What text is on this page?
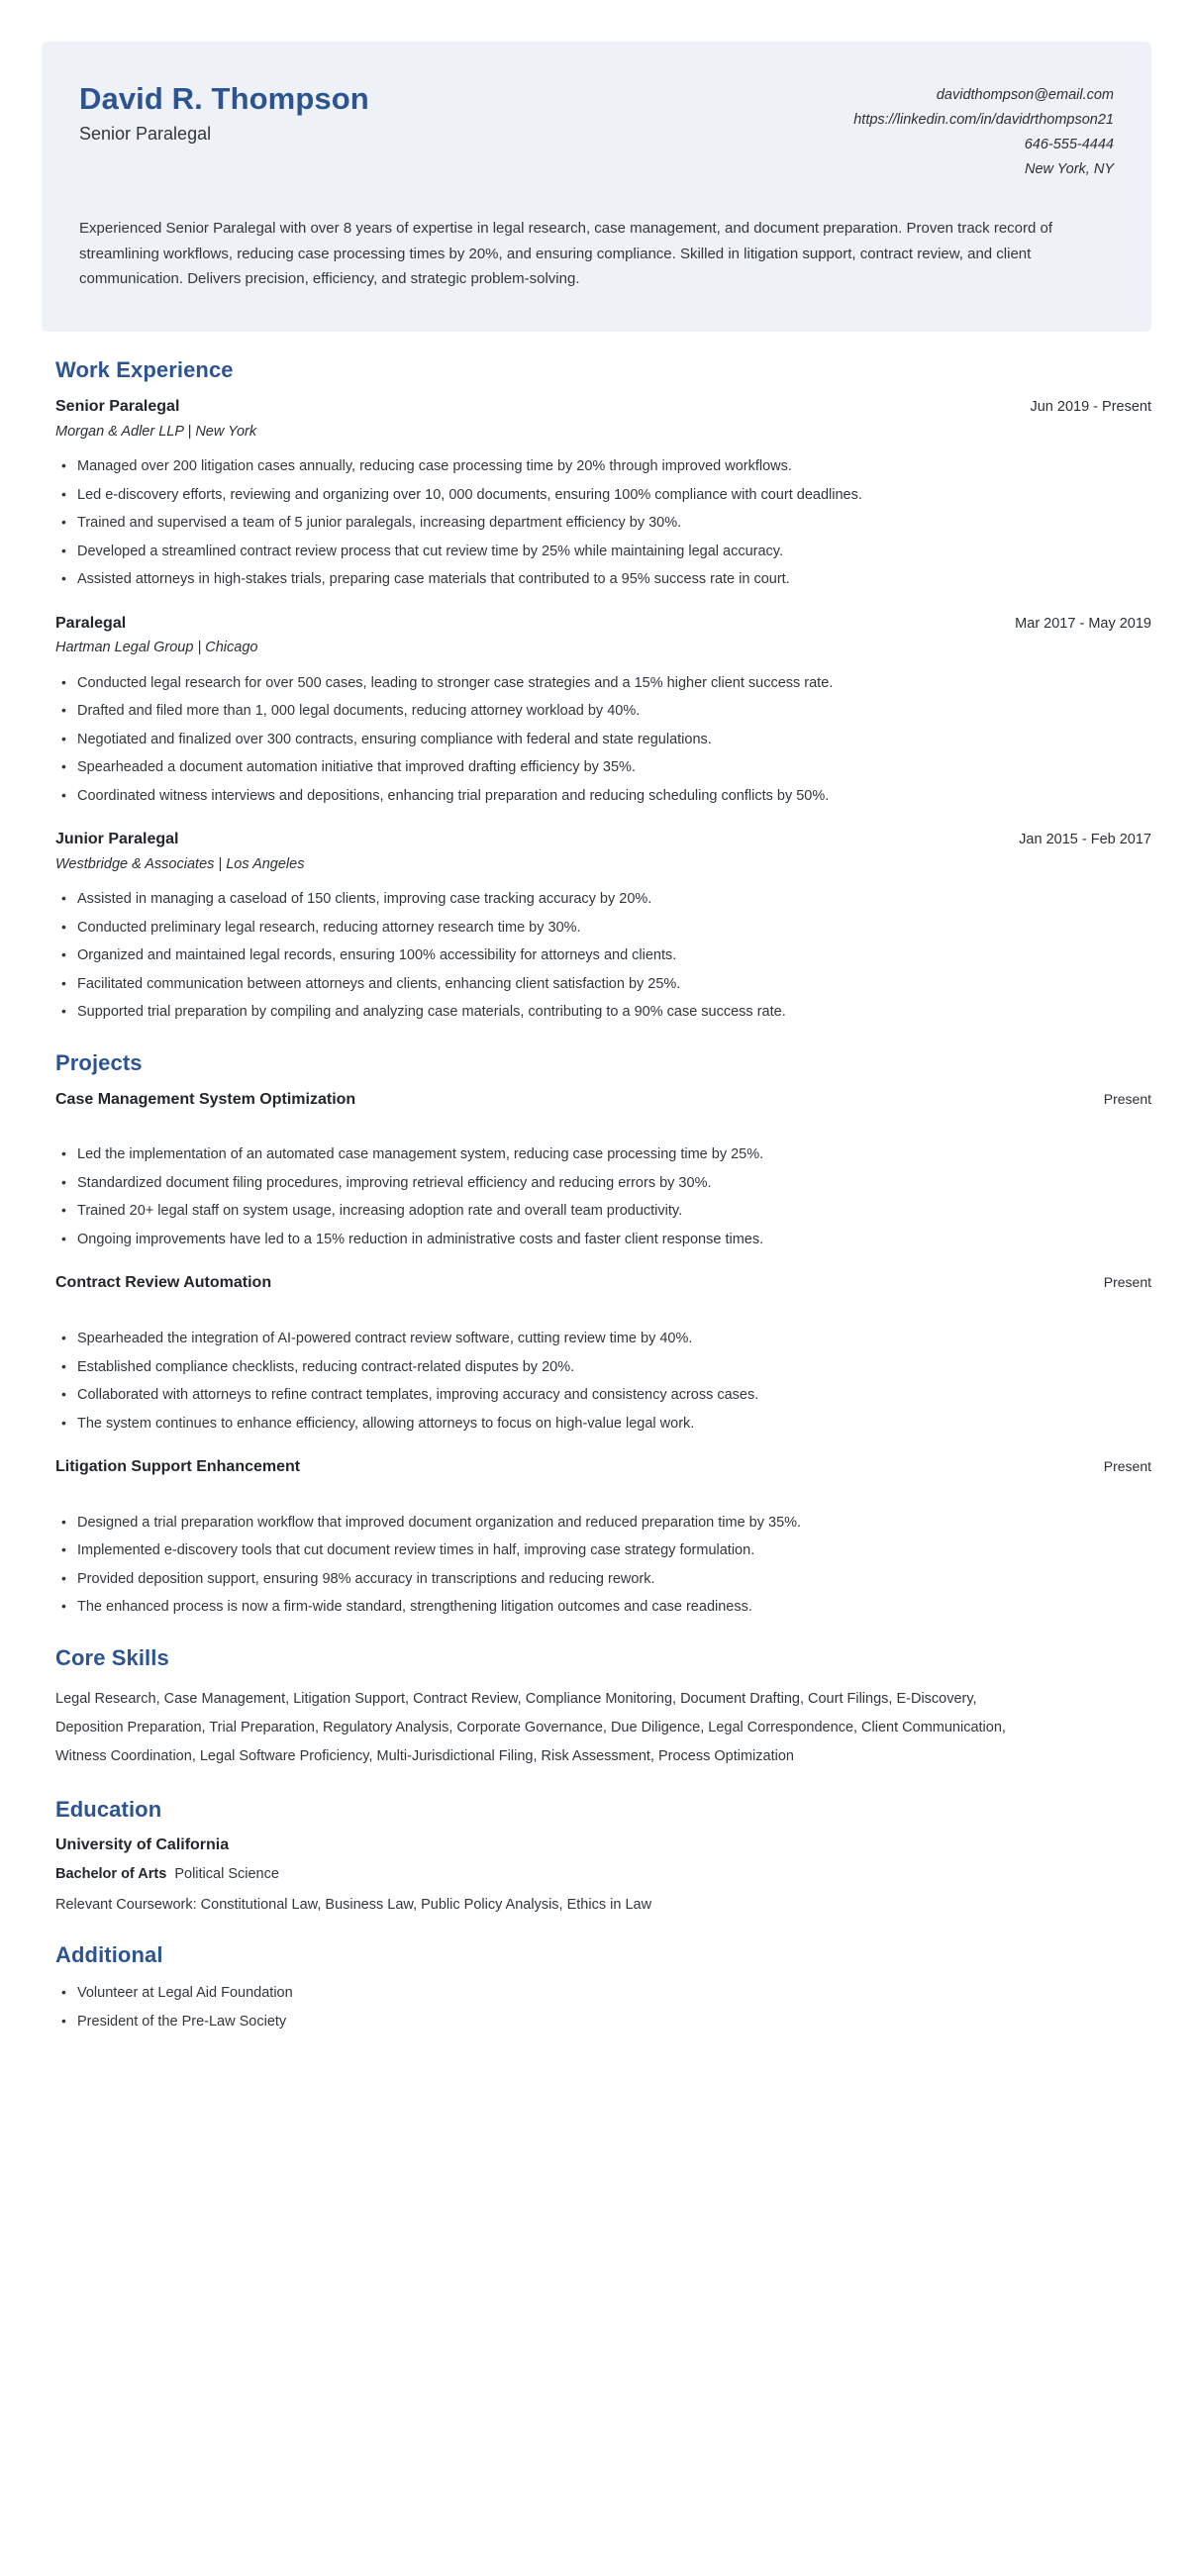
David R. Thompson
Senior Paralegal
davidthompson@email.com
https://linkedin.com/in/davidrthompson21
646-555-4444
New York, NY
Experienced Senior Paralegal with over 8 years of expertise in legal research, case management, and document preparation. Proven track record of streamlining workflows, reducing case processing times by 20%, and ensuring compliance. Skilled in litigation support, contract review, and client communication. Delivers precision, efficiency, and strategic problem-solving.
Work Experience
Senior Paralegal	Jun 2019 - Present
Morgan & Adler LLP | New York
• Managed over 200 litigation cases annually, reducing case processing time by 20% through improved workflows.
• Led e-discovery efforts, reviewing and organizing over 10, 000 documents, ensuring 100% compliance with court deadlines.
• Trained and supervised a team of 5 junior paralegals, increasing department efficiency by 30%.
• Developed a streamlined contract review process that cut review time by 25% while maintaining legal accuracy.
• Assisted attorneys in high-stakes trials, preparing case materials that contributed to a 95% success rate in court.
Paralegal	Mar 2017 - May 2019
Hartman Legal Group | Chicago
• Conducted legal research for over 500 cases, leading to stronger case strategies and a 15% higher client success rate.
• Drafted and filed more than 1, 000 legal documents, reducing attorney workload by 40%.
• Negotiated and finalized over 300 contracts, ensuring compliance with federal and state regulations.
• Spearheaded a document automation initiative that improved drafting efficiency by 35%.
• Coordinated witness interviews and depositions, enhancing trial preparation and reducing scheduling conflicts by 50%.
Junior Paralegal	Jan 2015 - Feb 2017
Westbridge & Associates | Los Angeles
• Assisted in managing a caseload of 150 clients, improving case tracking accuracy by 20%.
• Conducted preliminary legal research, reducing attorney research time by 30%.
• Organized and maintained legal records, ensuring 100% accessibility for attorneys and clients.
• Facilitated communication between attorneys and clients, enhancing client satisfaction by 25%.
• Supported trial preparation by compiling and analyzing case materials, contributing to a 90% case success rate.
Projects
Case Management System Optimization	Present
• Led the implementation of an automated case management system, reducing case processing time by 25%.
• Standardized document filing procedures, improving retrieval efficiency and reducing errors by 30%.
• Trained 20+ legal staff on system usage, increasing adoption rate and overall team productivity.
• Ongoing improvements have led to a 15% reduction in administrative costs and faster client response times.
Contract Review Automation	Present
• Spearheaded the integration of AI-powered contract review software, cutting review time by 40%.
• Established compliance checklists, reducing contract-related disputes by 20%.
• Collaborated with attorneys to refine contract templates, improving accuracy and consistency across cases.
• The system continues to enhance efficiency, allowing attorneys to focus on high-value legal work.
Litigation Support Enhancement	Present
• Designed a trial preparation workflow that improved document organization and reduced preparation time by 35%.
• Implemented e-discovery tools that cut document review times in half, improving case strategy formulation.
• Provided deposition support, ensuring 98% accuracy in transcriptions and reducing rework.
• The enhanced process is now a firm-wide standard, strengthening litigation outcomes and case readiness.
Core Skills
Legal Research, Case Management, Litigation Support, Contract Review, Compliance Monitoring, Document Drafting, Court Filings, E-Discovery, Deposition Preparation, Trial Preparation, Regulatory Analysis, Corporate Governance, Due Diligence, Legal Correspondence, Client Communication, Witness Coordination, Legal Software Proficiency, Multi-Jurisdictional Filing, Risk Assessment, Process Optimization
Education
University of California
Bachelor of Arts Political Science
Relevant Coursework: Constitutional Law, Business Law, Public Policy Analysis, Ethics in Law
Additional
• Volunteer at Legal Aid Foundation
• President of the Pre-Law Society
